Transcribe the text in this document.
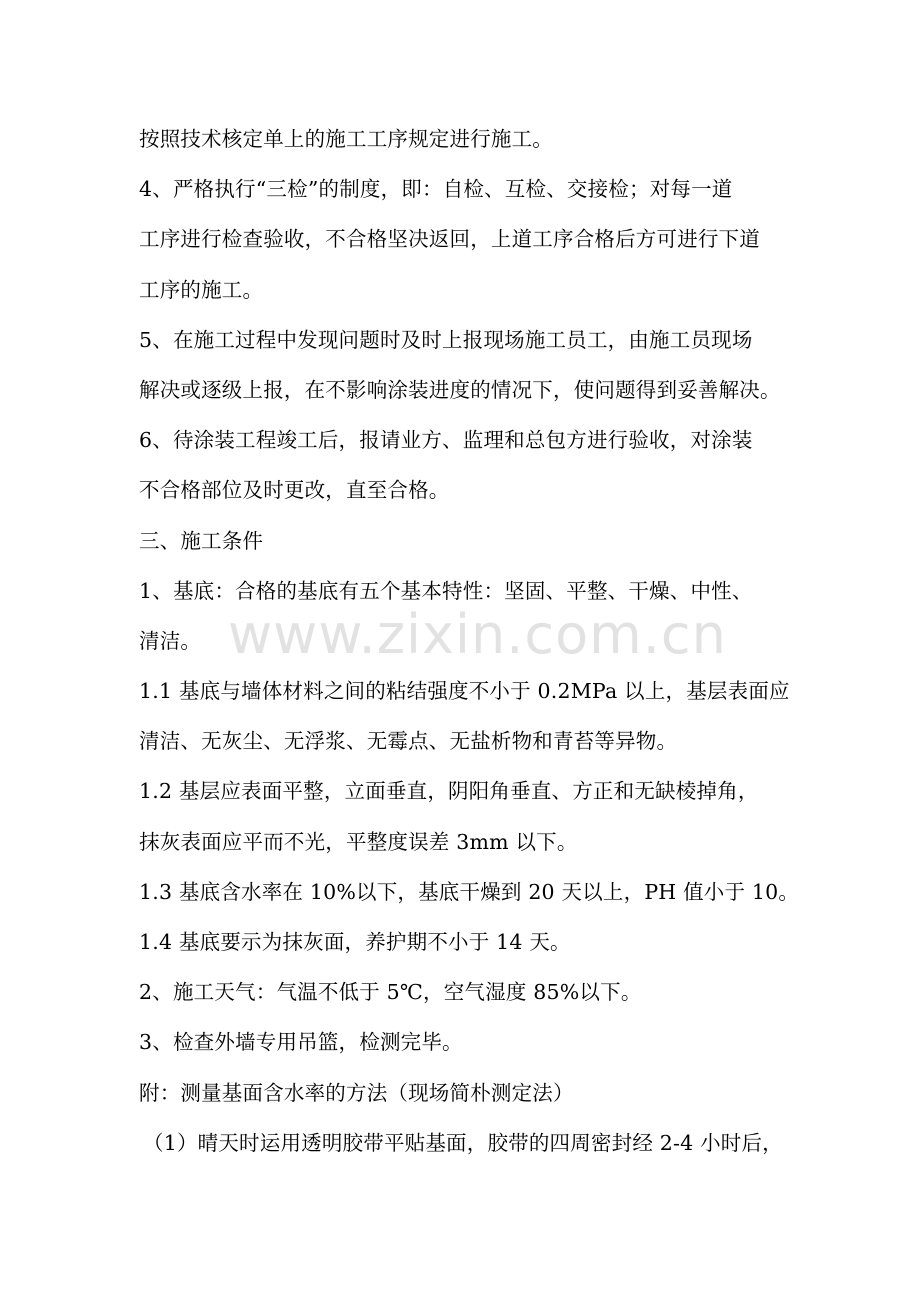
按照技术核定单上的施工工序规定进行施工。
4、严格执行“三检”的制度，即：自检、互检、交接检；对每一道
工序进行检查验收，不合格坚决返回，上道工序合格后方可进行下道
工序的施工。
5、在施工过程中发现问题时及时上报现场施工员工，由施工员现场
解决或逐级上报，在不影响涂装进度的情况下，使问题得到妥善解决。
6、待涂装工程竣工后，报请业方、监理和总包方进行验收，对涂装
不合格部位及时更改，直至合格。
三、施工条件
1、基底：合格的基底有五个基本特性：坚固、平整、干燥、中性、
清洁。
1.1 基底与墙体材料之间的粘结强度不小于 0.2MPa 以上，基层表面应
清洁、无灰尘、无浮浆、无霉点、无盐析物和青苔等异物。
1.2 基层应表面平整，立面垂直，阴阳角垂直、方正和无缺棱掉角，
抹灰表面应平而不光，平整度误差 3mm 以下。
1.3 基底含水率在 10%以下，基底干燥到 20 天以上，PH 值小于 10。
1.4 基底要示为抹灰面，养护期不小于 14 天。
2、施工天气：气温不低于 5℃，空气湿度 85%以下。
3、检查外墙专用吊篮，检测完毕。
附：测量基面含水率的方法（现场简朴测定法）
（1）晴天时运用透明胶带平贴基面，胶带的四周密封经 2-4 小时后，
www.zixin.com.cn
